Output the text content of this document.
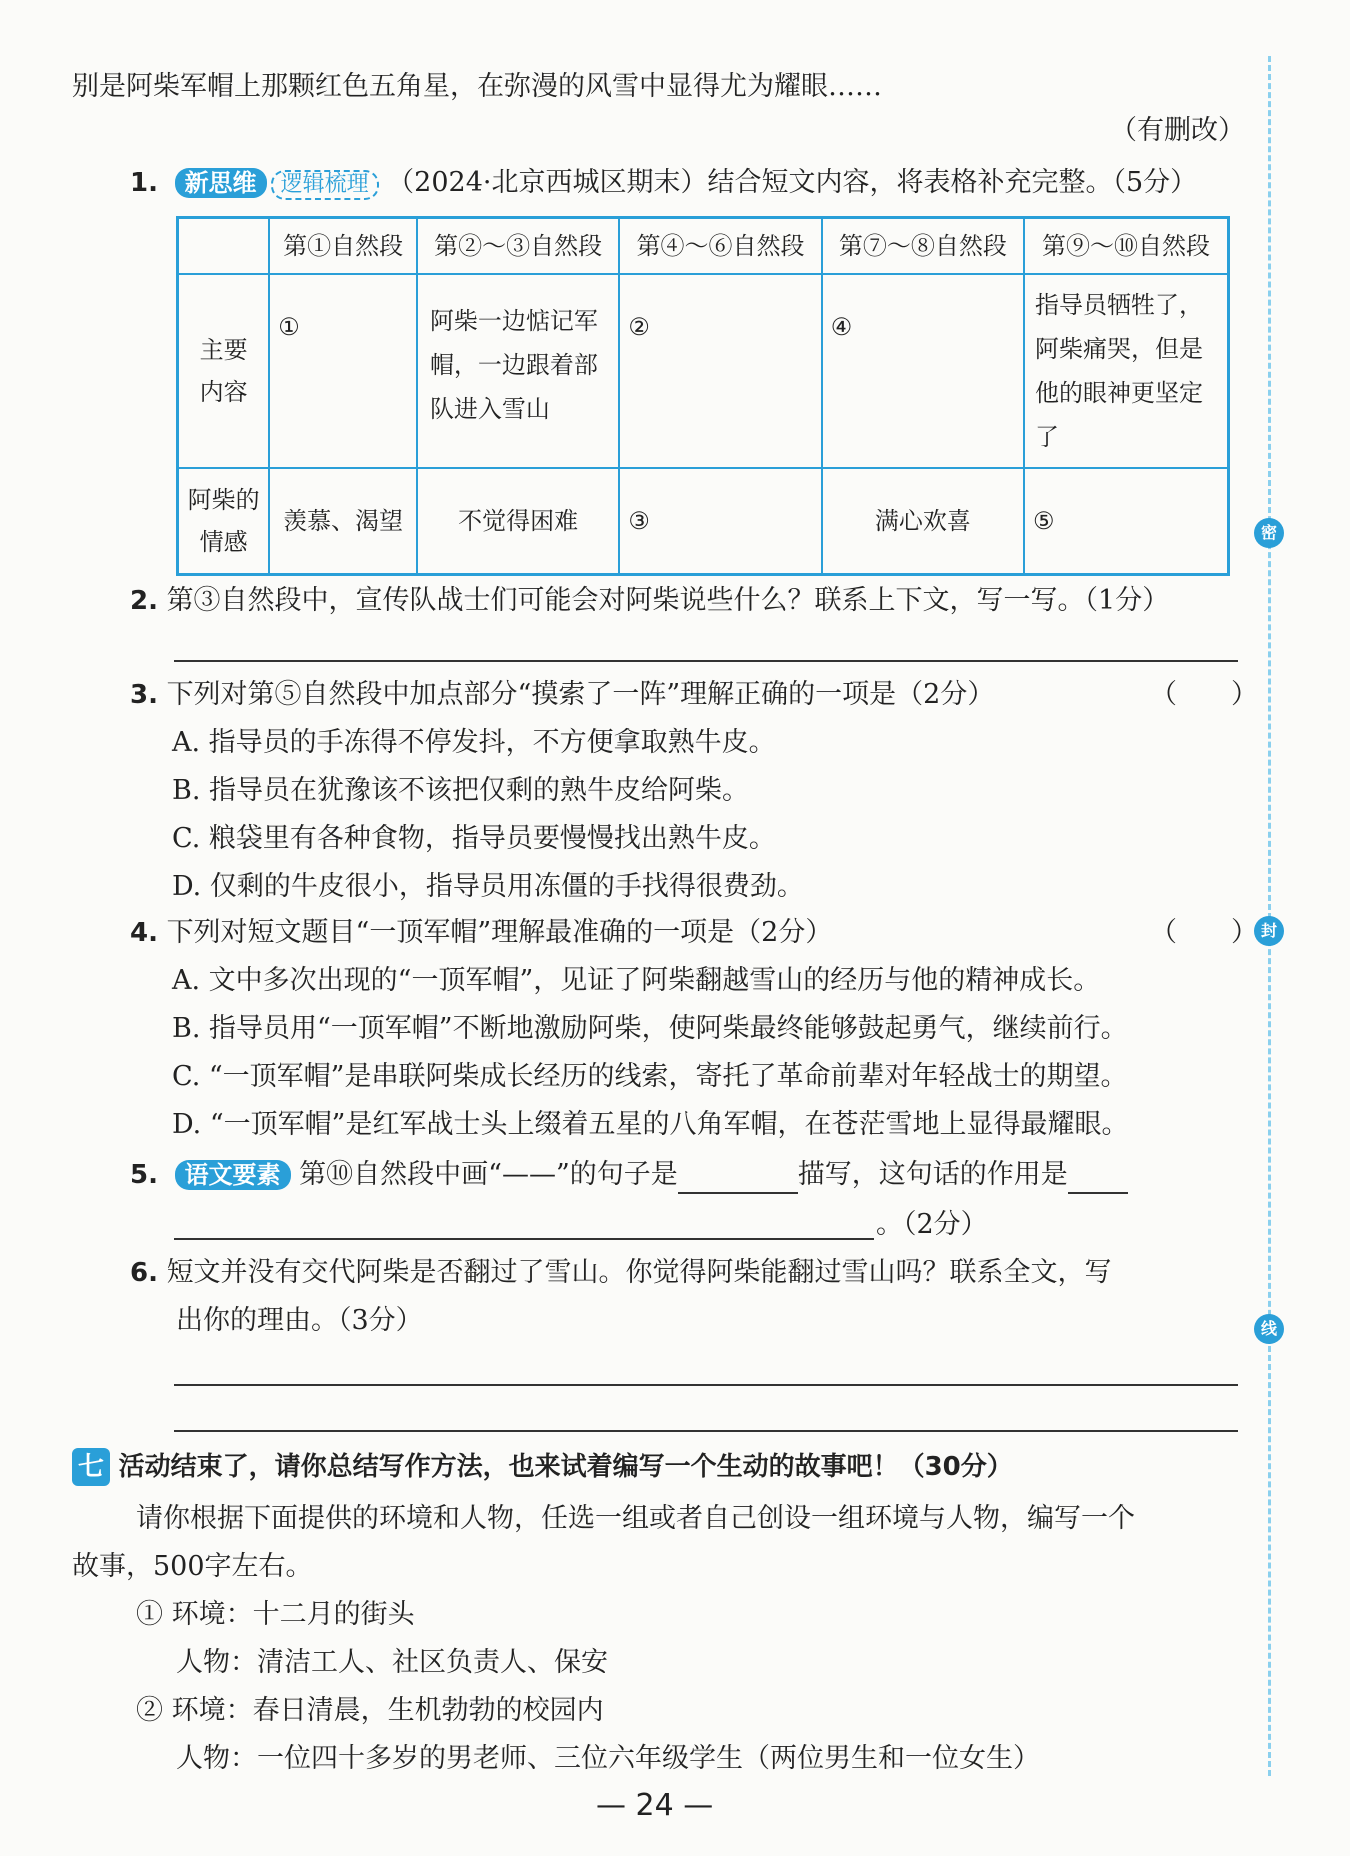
密
封
线
别是阿柴军帽上那颗红色五角星，在弥漫的风雪中显得尤为耀眼……
（有删改）
1. 新思维 逻辑梳理 （2024·北京西城区期末）结合短文内容，将表格补充完整。（5分）
	第①自然段	第②～③自然段	第④～⑥自然段	第⑦～⑧自然段	第⑨～⑩自然段

主要
内容	①	阿柴一边惦记军帽，一边跟着部队进入雪山	②	④	指导员牺牲了，阿柴痛哭，但是他的眼神更坚定了

阿柴的
情感	羡慕、渴望	不觉得困难	③	满心欢喜	⑤
2. 第③自然段中，宣传队战士们可能会对阿柴说些什么？联系上下文，写一写。（1分）
3. 下列对第⑤自然段中加点部分“摸索了一阵”理解正确的一项是（2分）	（　　）
A. 指导员的手冻得不停发抖，不方便拿取熟牛皮。
B. 指导员在犹豫该不该把仅剩的熟牛皮给阿柴。
C. 粮袋里有各种食物，指导员要慢慢找出熟牛皮。
D. 仅剩的牛皮很小，指导员用冻僵的手找得很费劲。
4. 下列对短文题目“一顶军帽”理解最准确的一项是（2分）	（　　）
A. 文中多次出现的“一顶军帽”，见证了阿柴翻越雪山的经历与他的精神成长。
B. 指导员用“一顶军帽”不断地激励阿柴，使阿柴最终能够鼓起勇气，继续前行。
C. “一顶军帽”是串联阿柴成长经历的线索，寄托了革命前辈对年轻战士的期望。
D. “一顶军帽”是红军战士头上缀着五星的八角军帽，在苍茫雪地上显得最耀眼。
5. 语文要素 第⑩自然段中画“——”的句子是	描写，这句话的作用是
。（2分）
6. 短文并没有交代阿柴是否翻过了雪山。你觉得阿柴能翻过雪山吗？联系全文，写
出你的理由。（3分）
七 活动结束了，请你总结写作方法，也来试着编写一个生动的故事吧！（30分）
请你根据下面提供的环境和人物，任选一组或者自己创设一组环境与人物，编写一个
故事，500字左右。
① 环境：十二月的街头
人物：清洁工人、社区负责人、保安
② 环境：春日清晨，生机勃勃的校园内
人物：一位四十多岁的男老师、三位六年级学生（两位男生和一位女生）
— 24 —
